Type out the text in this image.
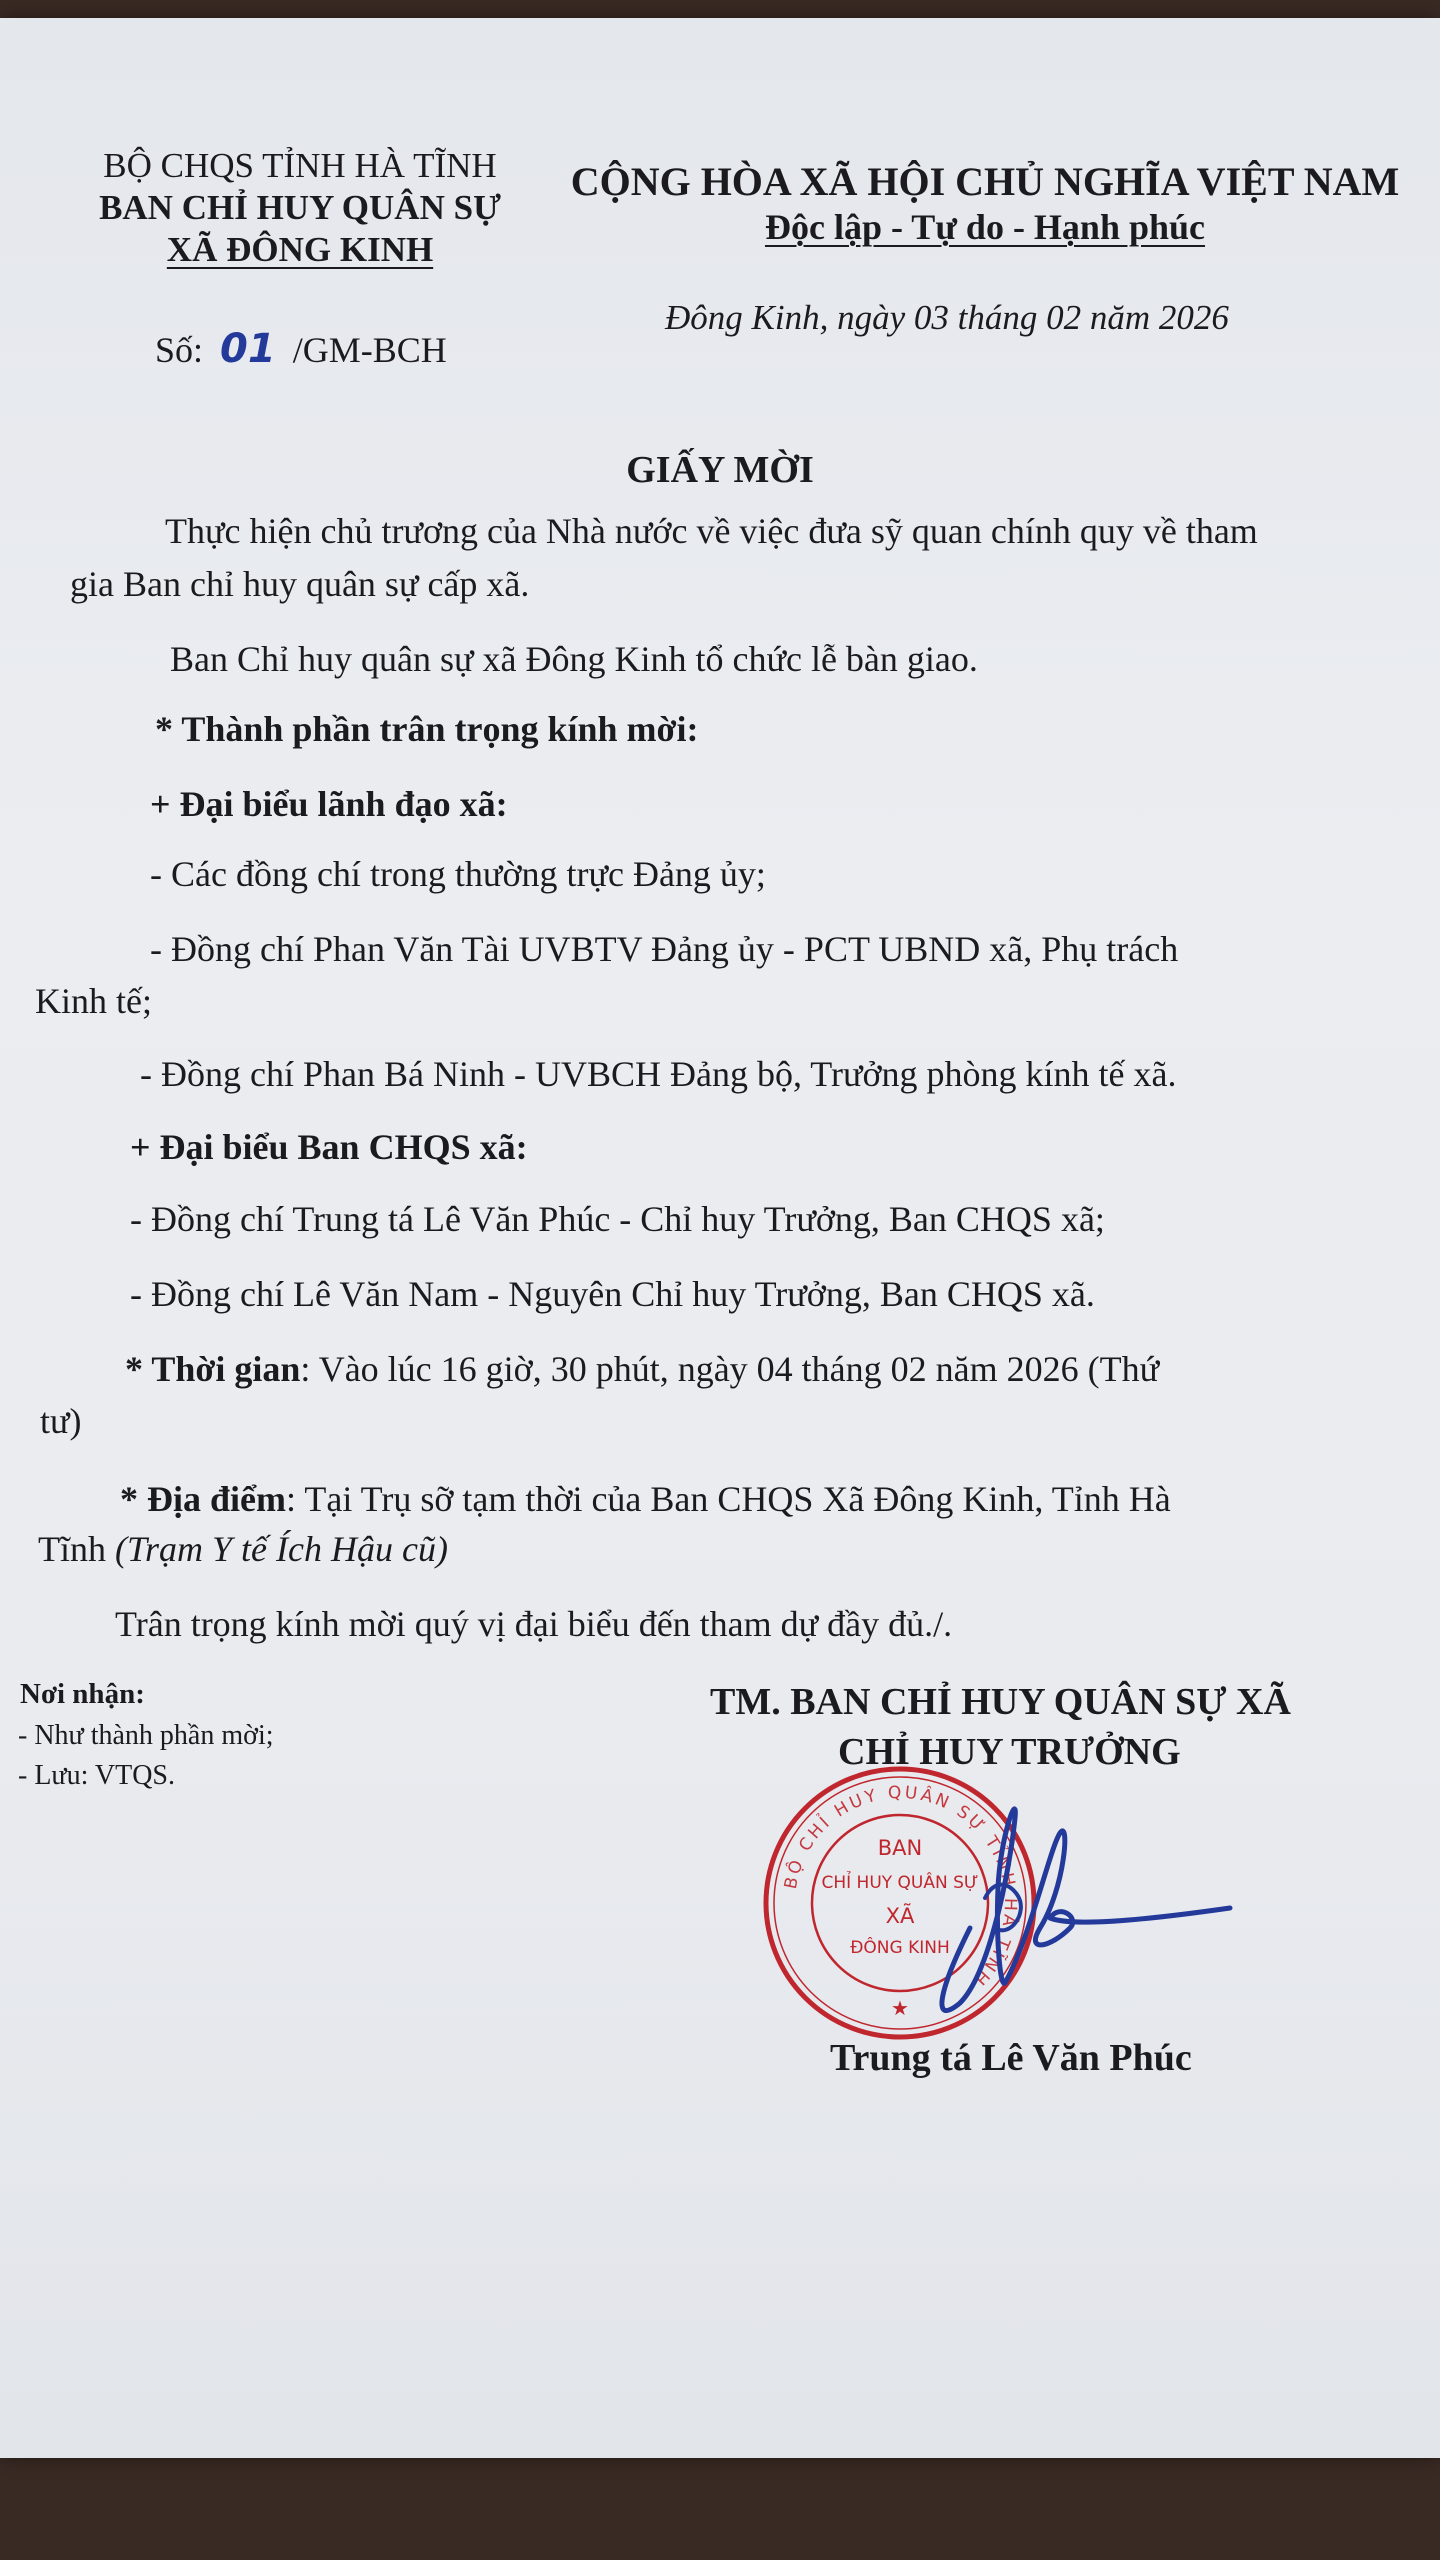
BỘ CHQS TỈNH HÀ TĨNH
BAN CHỈ HUY QUÂN SỰ
XÃ ĐÔNG KINH
Số: 01 /GM-BCH
CỘNG HÒA XÃ HỘI CHỦ NGHĨA VIỆT NAM
Độc lập - Tự do - Hạnh phúc
Đông Kinh, ngày 03 tháng 02 năm 2026
GIẤY MỜI
Thực hiện chủ trương của Nhà nước về việc đưa sỹ quan chính quy về tham
gia Ban chỉ huy quân sự cấp xã.
Ban Chỉ huy quân sự xã Đông Kinh tổ chức lễ bàn giao.
* Thành phần trân trọng kính mời:
+ Đại biểu lãnh đạo xã:
- Các đồng chí trong thường trực Đảng ủy;
- Đồng chí Phan Văn Tài UVBTV Đảng ủy - PCT UBND xã, Phụ trách
Kinh tế;
- Đồng chí Phan Bá Ninh - UVBCH Đảng bộ, Trưởng phòng kính tế xã.
+ Đại biểu Ban CHQS xã:
- Đồng chí Trung tá Lê Văn Phúc - Chỉ huy Trưởng, Ban CHQS xã;
- Đồng chí Lê Văn Nam - Nguyên Chỉ huy Trưởng, Ban CHQS xã.
* Thời gian: Vào lúc 16 giờ, 30 phút, ngày 04 tháng 02 năm 2026 (Thứ
tư)
* Địa điểm: Tại Trụ sỡ tạm thời của Ban CHQS Xã Đông Kinh, Tỉnh Hà
Tĩnh (Trạm Y tế Ích Hậu cũ)
Trân trọng kính mời quý vị đại biểu đến tham dự đầy đủ./.
Nơi nhận:
- Như thành phần mời;
- Lưu: VTQS.
TM. BAN CHỈ HUY QUÂN SỰ XÃ
CHỈ HUY TRƯỞNG
BỘ CHỈ HUY QUÂN SỰ TỈNH HÀ TĨNH
BAN
CHỈ HUY QUÂN SỰ
XÃ
ĐÔNG KINH
★
Trung tá Lê Văn Phúc
